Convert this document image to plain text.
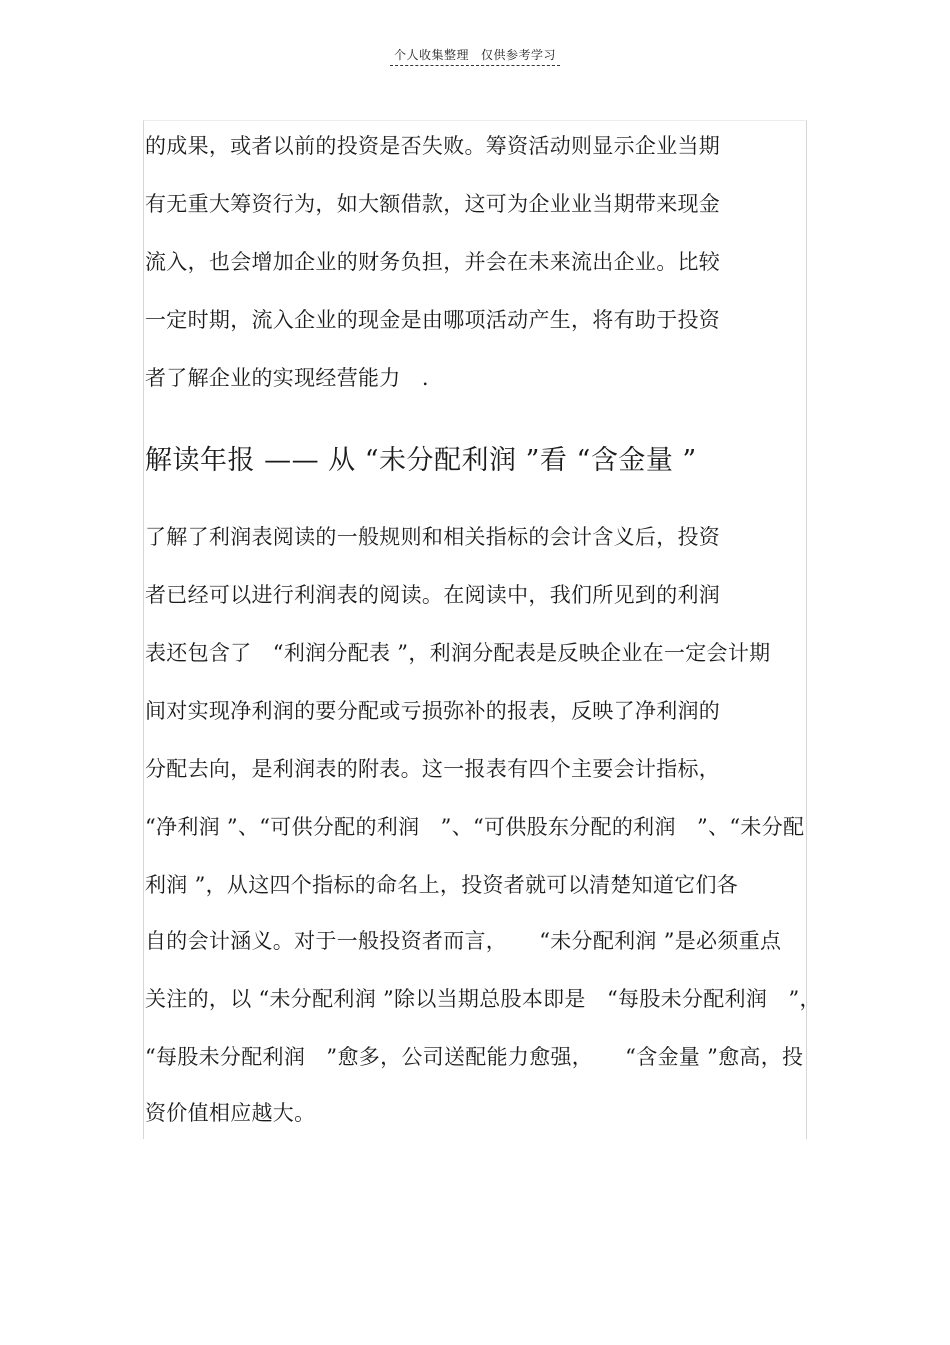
个人收集整理 仅供参考学习
的成果，或者以前的投资是否失败。筹资活动则显示企业当期
有无重大筹资行为，如大额借款，这可为企业业当期带来现金
流入，也会增加企业的财务负担，并会在未来流出企业。比较
一定时期，流入企业的现金是由哪项活动产生，将有助于投资
者了解企业的实现经营能力　.
解读年报 —— 从 “未分配利润 ”看 “含金量 ”
了解了利润表阅读的一般规则和相关指标的会计含义后，投资
者已经可以进行利润表的阅读。在阅读中，我们所见到的利润
表还包含了　“利润分配表 ”，利润分配表是反映企业在一定会计期
间对实现净利润的要分配或亏损弥补的报表，反映了净利润的
分配去向，是利润表的附表。这一报表有四个主要会计指标，
“净利润 ”、“可供分配的利润　”、“可供股东分配的利润　”、“未分配
利润 ”，从这四个指标的命名上，投资者就可以清楚知道它们各
自的会计涵义。对于一般投资者而言，　　“未分配利润 ”是必须重点
关注的，以 “未分配利润 ”除以当期总股本即是　“每股未分配利润　”，
“每股未分配利润　”愈多，公司送配能力愈强，　　“含金量 ”愈高，投
资价值相应越大。
